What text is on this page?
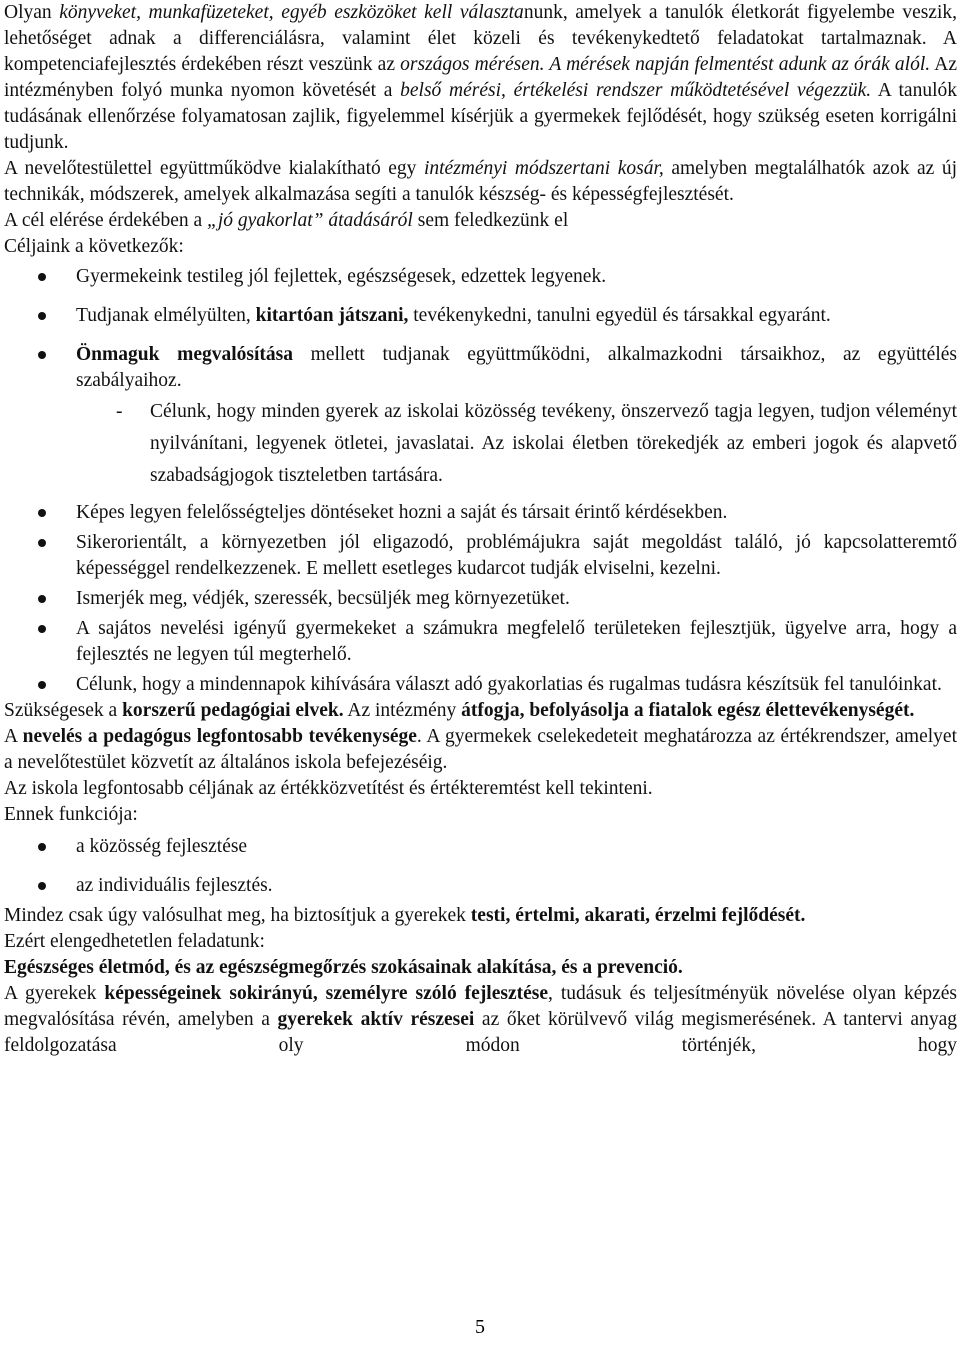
Olyan könyveket, munkafüzeteket, egyéb eszközöket kell választanunk, amelyek a tanulók életkorát figyelembe veszik, lehetőséget adnak a differenciálásra, valamint élet közeli és tevékenykedtető feladatokat tartalmaznak. A kompetenciafejlesztés érdekében részt veszünk az országos mérésen. A mérések napján felmentést adunk az órák alól. Az intézményben folyó munka nyomon követését a belső mérési, értékelési rendszer működtetésével végezzük. A tanulók tudásának ellenőrzése folyamatosan zajlik, figyelemmel kísérjük a gyermekek fejlődését, hogy szükség eseten korrigálni tudjunk.

A nevelőtestülettel együttműködve kialakítható egy intézményi módszertani kosár, amelyben megtalálhatók azok az új technikák, módszerek, amelyek alkalmazása segíti a tanulók készség- és képességfejlesztését.

A cél elérése érdekében a „jó gyakorlat” átadásáról sem feledkezünk el

Céljaink a következők:

Gyermekeink testileg jól fejlettek, egészségesek, edzettek legyenek.
Tudjanak elmélyülten, kitartóan játszani, tevékenykedni, tanulni egyedül és társakkal egyaránt.
Önmaguk megvalósítása mellett tudjanak együttműködni, alkalmazkodni társaikhoz, az együttélés szabályaihoz.
- Célunk, hogy minden gyerek az iskolai közösség tevékeny, önszervező tagja legyen, tudjon véleményt nyilvánítani, legyenek ötletei, javaslatai. Az iskolai életben törekedjék az emberi jogok és alapvető szabadságjogok tiszteletben tartására.
Képes legyen felelősségteljes döntéseket hozni a saját és társait érintő kérdésekben.
Sikerorientált, a környezetben jól eligazodó, problémájukra saját megoldást találó, jó kapcsolatteremtő képességgel rendelkezzenek. E mellett esetleges kudarcot tudják elviselni, kezelni.
Ismerjék meg, védjék, szeressék, becsüljék meg környezetüket.
A sajátos nevelési igényű gyermekeket a számukra megfelelő területeken fejlesztjük, ügyelve arra, hogy a fejlesztés ne legyen túl megterhelő.
Célunk, hogy a mindennapok kihívására választ adó gyakorlatias és rugalmas tudásra készítsük fel tanulóinkat.

Szükségesek a korszerű pedagógiai elvek. Az intézmény átfogja, befolyásolja a fiatalok egész élettevékenységét.

A nevelés a pedagógus legfontosabb tevékenysége. A gyermekek cselekedeteit meghatározza az értékrendszer, amelyet a nevelőtestület közvetít az általános iskola befejezéséig.

Az iskola legfontosabb céljának az értékközvetítést és értékteremtést kell tekinteni.

Ennek funkciója:

a közösség fejlesztése
az individuális fejlesztés.

Mindez csak úgy valósulhat meg, ha biztosítjuk a gyerekek testi, értelmi, akarati, érzelmi fejlődését.

Ezért elengedhetetlen feladatunk:

Egészséges életmód, és az egészségmegőrzés szokásainak alakítása, és a prevenció.

A gyerekek képességeinek sokirányú, személyre szóló fejlesztése, tudásuk és teljesítményük növelése olyan képzés megvalósítása révén, amelyben a gyerekek aktív részesei az őket körülvevő világ megismerésének. A tantervi anyag feldolgozatása oly módon történjék, hogy

5
